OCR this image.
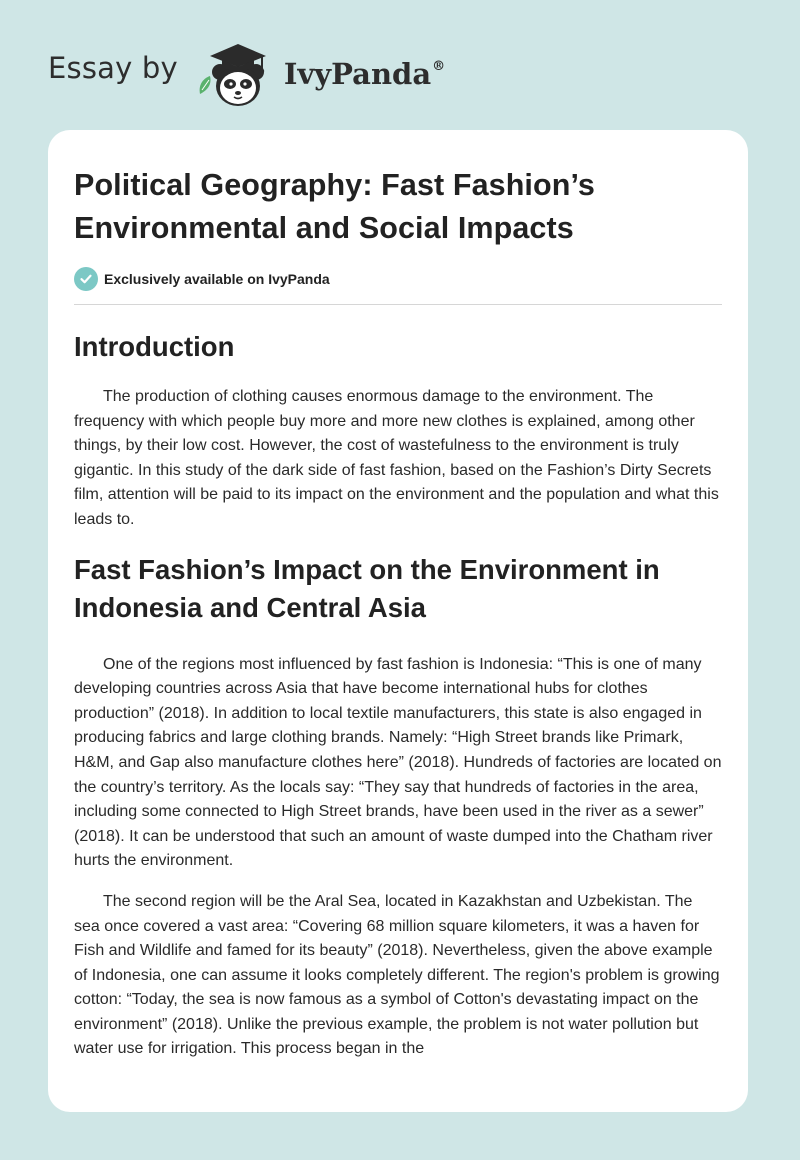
Essay by	IvyPanda®
Political Geography: Fast Fashion’s Environmental and Social Impacts
Exclusively available on IvyPanda
Introduction

The production of clothing causes enormous damage to the environment. The frequency with which people buy more and more new clothes is explained, among other things, by their low cost. However, the cost of wastefulness to the environment is truly gigantic. In this study of the dark side of fast fashion, based on the Fashion’s Dirty Secrets film, attention will be paid to its impact on the environment and the population and what this leads to.

Fast Fashion’s Impact on the Environment in Indonesia and Central Asia

One of the regions most influenced by fast fashion is Indonesia: “This is one of many developing countries across Asia that have become international hubs for clothes production” (2018). In addition to local textile manufacturers, this state is also engaged in producing fabrics and large clothing brands. Namely: “High Street brands like Primark, H&M, and Gap also manufacture clothes here” (2018). Hundreds of factories are located on the country’s territory. As the locals say: “They say that hundreds of factories in the area, including some connected to High Street brands, have been used in the river as a sewer” (2018). It can be understood that such an amount of waste dumped into the Chatham river hurts the environment.

The second region will be the Aral Sea, located in Kazakhstan and Uzbekistan. The sea once covered a vast area: “Covering 68 million square kilometers, it was a haven for Fish and Wildlife and famed for its beauty” (2018). Nevertheless, given the above example of Indonesia, one can assume it looks completely different. The region's problem is growing cotton: “Today, the sea is now famous as a symbol of Cotton's devastating impact on the environment” (2018). Unlike the previous example, the problem is not water pollution but water use for irrigation. This process began in the
